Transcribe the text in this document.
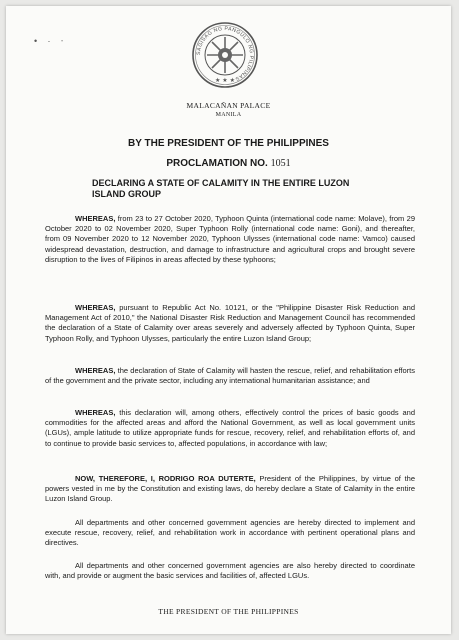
• ∙ ‧
SAGISAG NG PANGULO NG PILIPINAS
★ ★ ★
MALACAÑAN PALACE
MANILA
BY THE PRESIDENT OF THE PHILIPPINES
PROCLAMATION NO. 1051
DECLARING A STATE OF CALAMITY IN THE ENTIRE LUZON
ISLAND GROUP

WHEREAS, from 23 to 27 October 2020, Typhoon Quinta (international code name: Molave), from 29 October 2020 to 02 November 2020, Super Typhoon Rolly (international code name: Goni), and thereafter, from 09 November 2020 to 12 November 2020, Typhoon Ulysses (international code name: Vamco) caused widespread devastation, destruction, and damage to infrastructure and agricultural crops and brought severe disruption to the lives of Filipinos in areas affected by these typhoons;

WHEREAS, pursuant to Republic Act No. 10121, or the "Philippine Disaster Risk Reduction and Management Act of 2010," the National Disaster Risk Reduction and Management Council has recommended the declaration of a State of Calamity over areas severely and adversely affected by Typhoon Quinta, Super Typhoon Rolly, and Typhoon Ulysses, particularly the entire Luzon Island Group;

WHEREAS, the declaration of State of Calamity will hasten the rescue, relief, and rehabilitation efforts of the government and the private sector, including any international humanitarian assistance; and

WHEREAS, this declaration will, among others, effectively control the prices of basic goods and commodities for the affected areas and afford the National Government, as well as local government units (LGUs), ample latitude to utilize appropriate funds for rescue, recovery, relief, and rehabilitation efforts of, and to continue to provide basic services to, affected populations, in accordance with law;

NOW, THEREFORE, I, RODRIGO ROA DUTERTE, President of the Philippines, by virtue of the powers vested in me by the Constitution and existing laws, do hereby declare a State of Calamity in the entire Luzon Island Group.

All departments and other concerned government agencies are hereby directed to implement and execute rescue, recovery, relief, and rehabilitation work in accordance with pertinent operational plans and directives.

All departments and other concerned government agencies are also hereby directed to coordinate with, and provide or augment the basic services and facilities of, affected LGUs.

THE PRESIDENT OF THE PHILIPPINES
